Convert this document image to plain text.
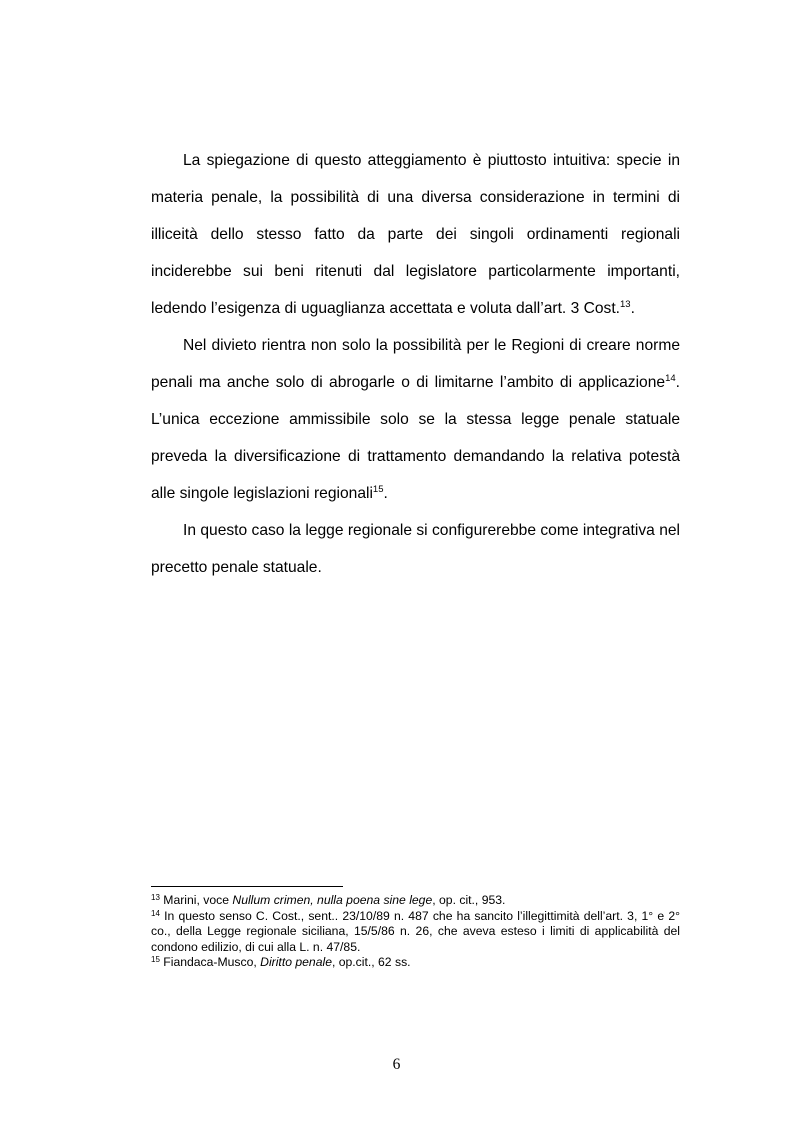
La spiegazione di questo atteggiamento è piuttosto intuitiva: specie in materia penale, la possibilità di una diversa considerazione in termini di illiceità dello stesso fatto da parte dei singoli ordinamenti regionali inciderebbe sui beni ritenuti dal legislatore particolarmente importanti, ledendo l’esigenza di uguaglianza accettata e voluta dall’art. 3 Cost.$^{13}$.

Nel divieto rientra non solo la possibilità per le Regioni di creare norme penali ma anche solo di abrogarle o di limitarne l’ambito di applicazione$^{14}$. L’unica eccezione ammissibile solo se la stessa legge penale statuale preveda la diversificazione di trattamento demandando la relativa potestà alle singole legislazioni regionali$^{15}$.

In questo caso la legge regionale si configurerebbe come integrativa nel precetto penale statuale.

$^{13}$ Marini, voce Nullum crimen, nulla poena sine lege, op. cit., 953.

$^{14}$ In questo senso C. Cost., sent.. 23/10/89 n. 487 che ha sancito l’illegittimità dell’art. 3, 1° e 2° co., della Legge regionale siciliana, 15/5/86 n. 26, che aveva esteso i limiti di applicabilità del condono edilizio, di cui alla L. n. 47/85.

$^{15}$ Fiandaca-Musco, Diritto penale, op.cit., 62 ss.

6
